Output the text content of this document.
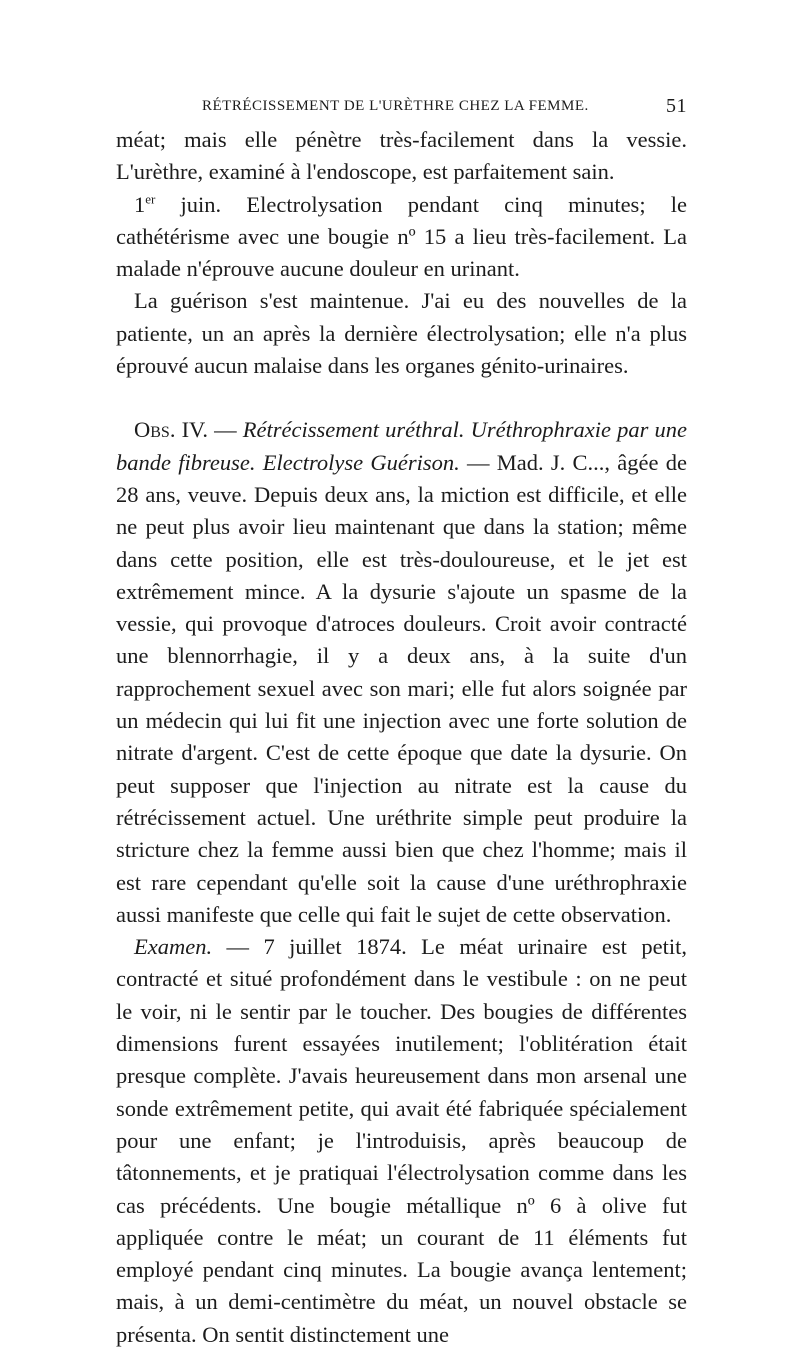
RÉTRÉCISSEMENT DE L'URÈTHRE CHEZ LA FEMME.	51

méat; mais elle pénètre très-facilement dans la vessie. L'urèthre, examiné à l'endoscope, est parfaitement sain.

1er juin. Electrolysation pendant cinq minutes; le cathétérisme avec une bougie nº 15 a lieu très-facilement. La malade n'éprouve aucune douleur en urinant.

La guérison s'est maintenue. J'ai eu des nouvelles de la patiente, un an après la dernière électrolysation; elle n'a plus éprouvé aucun malaise dans les organes génito-urinaires.

Obs. IV. — Rétrécissement uréthral. Uréthrophraxie par une bande fibreuse. Electrolyse Guérison. — Mad. J. C..., âgée de 28 ans, veuve. Depuis deux ans, la miction est difficile, et elle ne peut plus avoir lieu maintenant que dans la station; même dans cette position, elle est très-douloureuse, et le jet est extrêmement mince. A la dysurie s'ajoute un spasme de la vessie, qui provoque d'atroces douleurs. Croit avoir contracté une blennorrhagie, il y a deux ans, à la suite d'un rapprochement sexuel avec son mari; elle fut alors soignée par un médecin qui lui fit une injection avec une forte solution de nitrate d'argent. C'est de cette époque que date la dysurie. On peut supposer que l'injection au nitrate est la cause du rétrécissement actuel. Une uréthrite simple peut produire la stricture chez la femme aussi bien que chez l'homme; mais il est rare cependant qu'elle soit la cause d'une uréthrophraxie aussi manifeste que celle qui fait le sujet de cette observation.

Examen. — 7 juillet 1874. Le méat urinaire est petit, contracté et situé profondément dans le vestibule : on ne peut le voir, ni le sentir par le toucher. Des bougies de différentes dimensions furent essayées inutilement; l'oblitération était presque complète. J'avais heureusement dans mon arsenal une sonde extrêmement petite, qui avait été fabriquée spécialement pour une enfant; je l'introduisis, après beaucoup de tâtonnements, et je pratiquai l'électrolysation comme dans les cas précédents. Une bougie métallique nº 6 à olive fut appliquée contre le méat; un courant de 11 éléments fut employé pendant cinq minutes. La bougie avança lentement; mais, à un demi-centimètre du méat, un nouvel obstacle se présenta. On sentit distinctement une
